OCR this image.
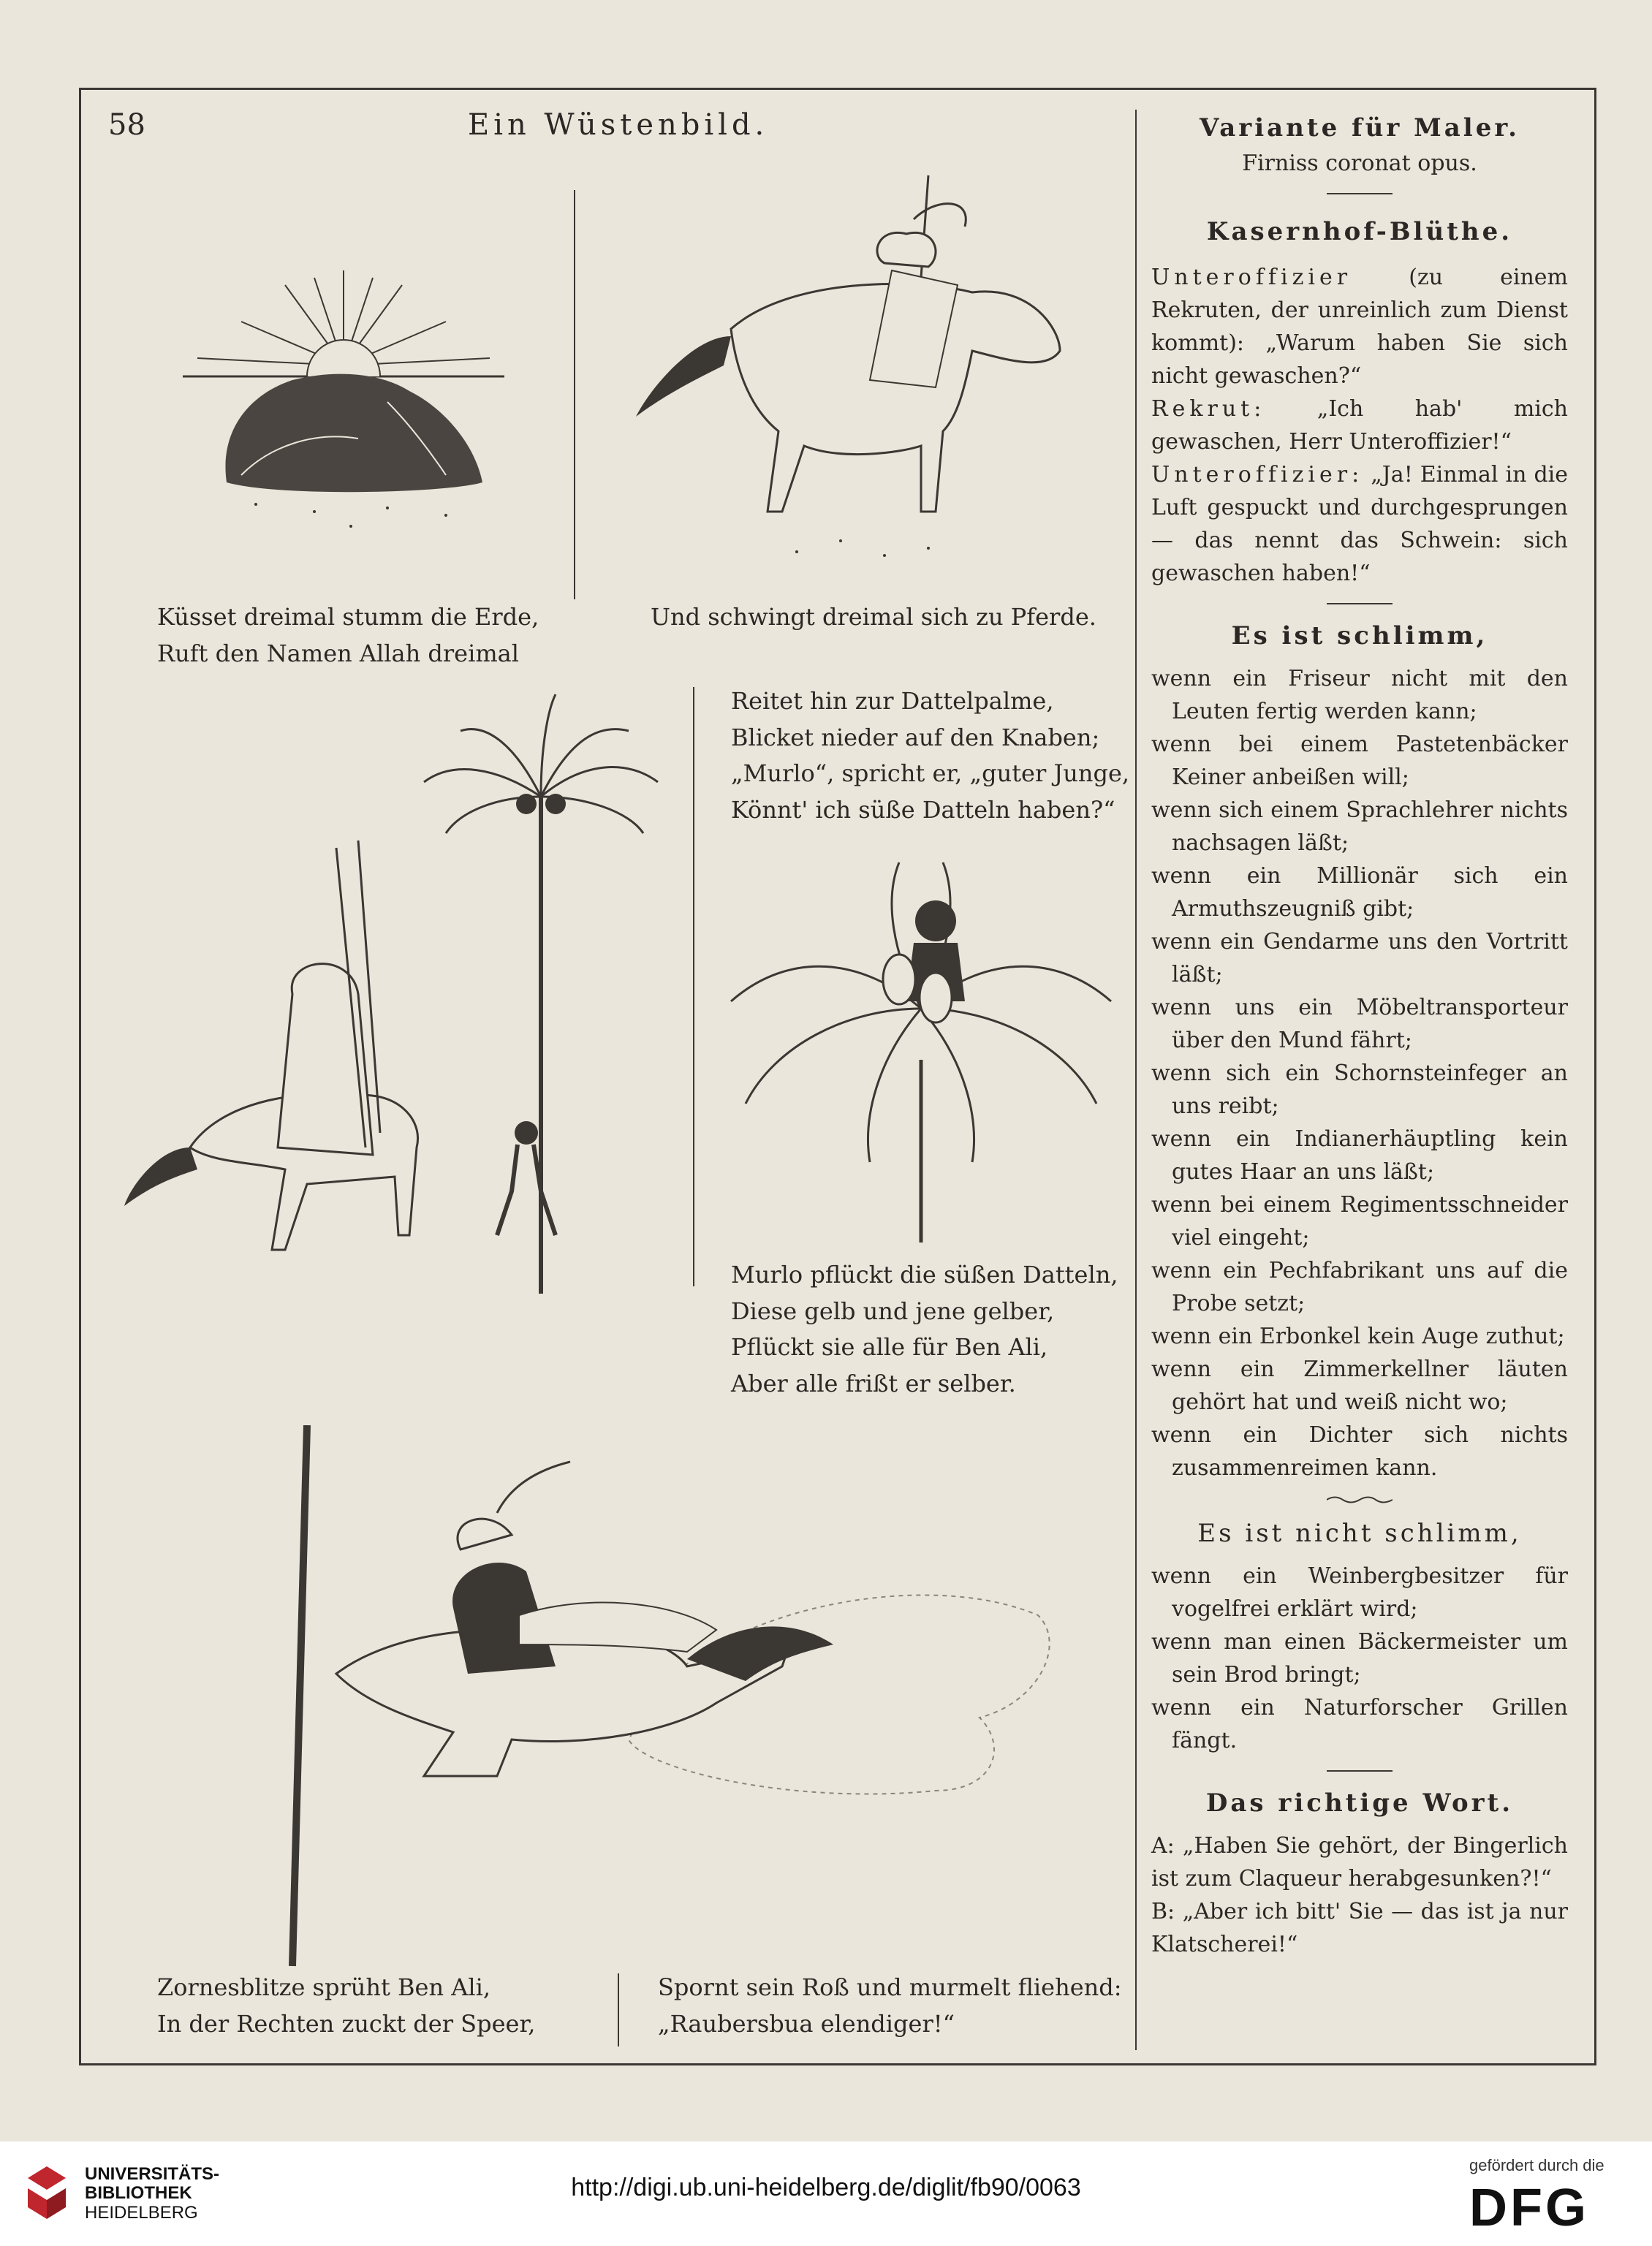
58	Ein Wüstenbild.
Küsset dreimal stumm die Erde,
Ruft den Namen Allah dreimal
Und schwingt dreimal sich zu Pferde.
Reitet hin zur Dattelpalme,
Blicket nieder auf den Knaben;
„Murlo“, spricht er, „guter Junge,
Könnt' ich süße Datteln haben?“
Murlo pflückt die süßen Datteln,
Diese gelb und jene gelber,
Pflückt sie alle für Ben Ali,
Aber alle frißt er selber.
Zornesblitze sprüht Ben Ali,
In der Rechten zuckt der Speer,
Spornt sein Roß und murmelt fliehend:
„Raubersbua elendiger!“
Variante für Maler.
Firniss coronat opus.
Kasernhof-Blüthe.

Unteroffizier (zu einem Rekruten, der unreinlich zum Dienst kommt): „Warum haben Sie sich nicht gewaschen?“

Rekrut: „Ich hab' mich gewaschen, Herr Unteroffizier!“

Unteroffizier: „Ja! Einmal in die Luft gespuckt und durchgesprungen — das nennt das Schwein: sich gewaschen haben!“

Es ist schlimm,

wenn ein Friseur nicht mit den Leuten fertig werden kann;

wenn bei einem Pastetenbäcker Keiner anbeißen will;

wenn sich einem Sprachlehrer nichts nachsagen läßt;

wenn ein Millionär sich ein Armuthszeugniß gibt;

wenn ein Gendarme uns den Vortritt läßt;

wenn uns ein Möbeltransporteur über den Mund fährt;

wenn sich ein Schornsteinfeger an uns reibt;

wenn ein Indianerhäuptling kein gutes Haar an uns läßt;

wenn bei einem Regimentsschneider viel eingeht;

wenn ein Pechfabrikant uns auf die Probe setzt;

wenn ein Erbonkel kein Auge zuthut;

wenn ein Zimmerkellner läuten gehört hat und weiß nicht wo;

wenn ein Dichter sich nichts zusammenreimen kann.

Es ist nicht schlimm,

wenn ein Weinbergbesitzer für vogelfrei erklärt wird;

wenn man einen Bäckermeister um sein Brod bringt;

wenn ein Naturforscher Grillen fängt.

Das richtige Wort.

A: „Haben Sie gehört, der Bingerlich ist zum Claqueur herabgesunken?!“

B: „Aber ich bitt' Sie — das ist ja nur Klatscherei!“

UNIVERSITÄTS-
BIBLIOTHEK
HEIDELBERG
http://digi.ub.uni-heidelberg.de/diglit/fb90/0063
gefördert durch die
DFG
